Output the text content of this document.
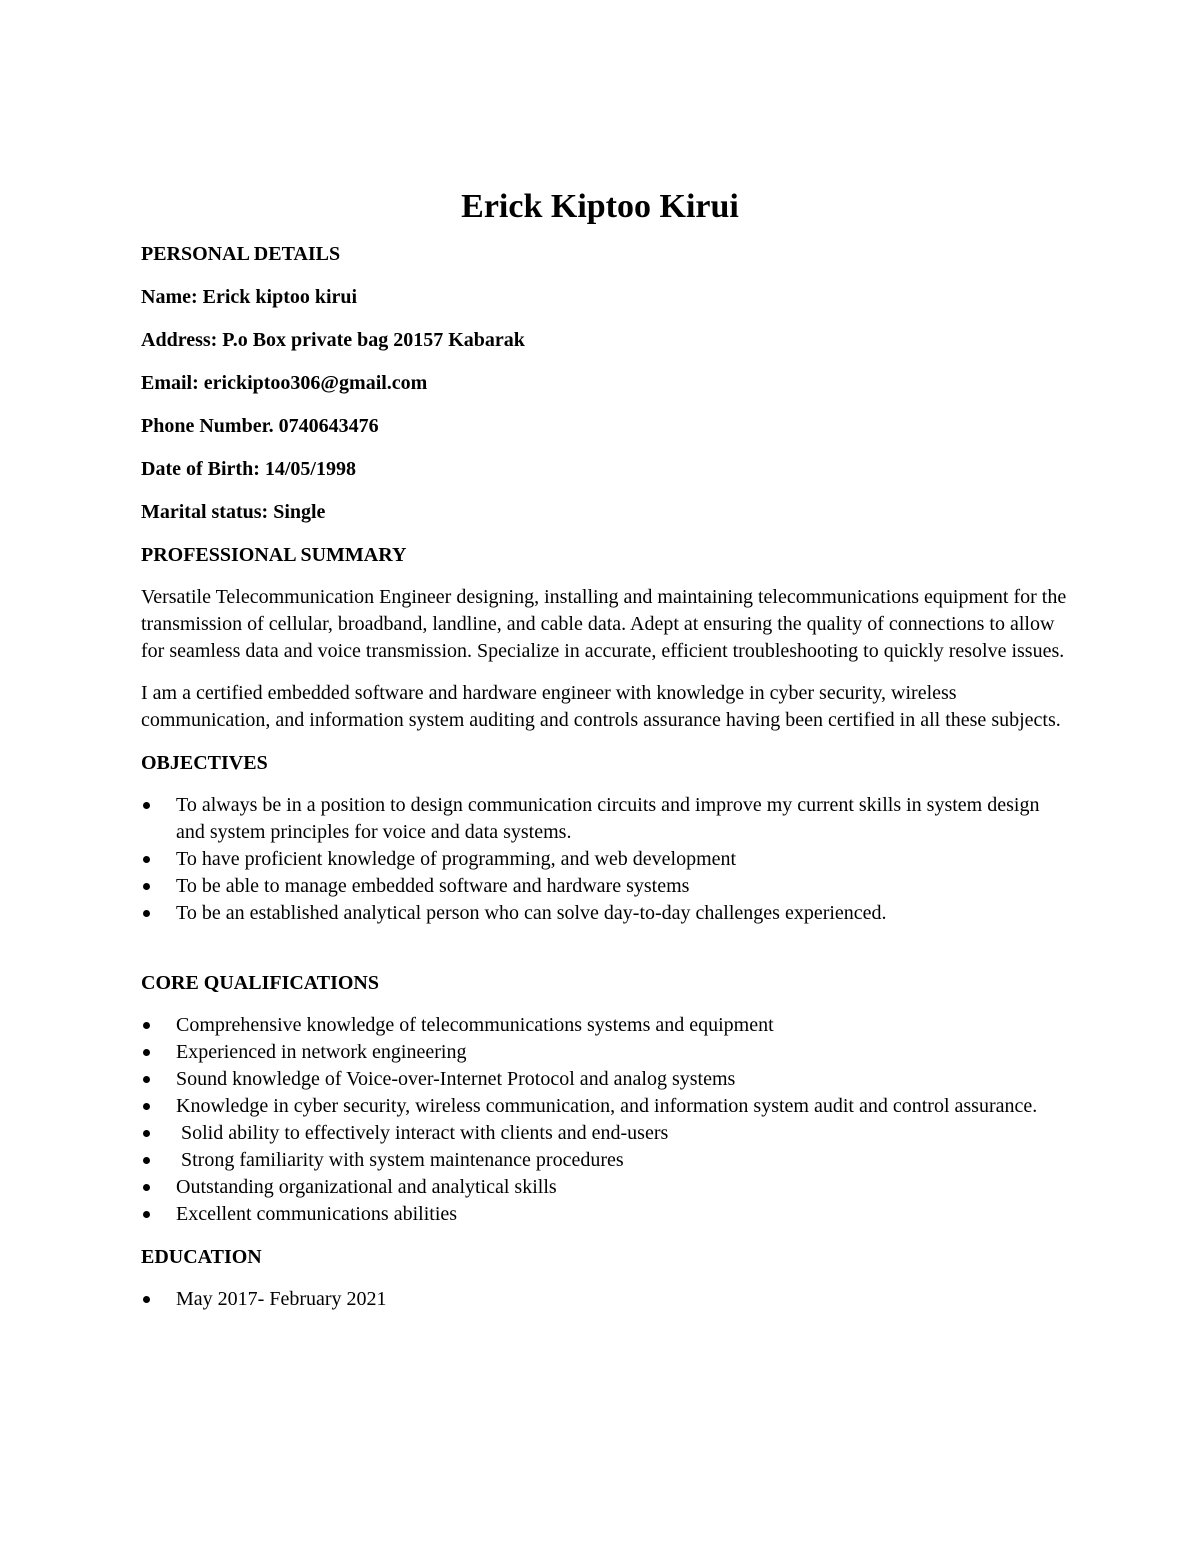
Erick Kiptoo Kirui

PERSONAL DETAILS

Name: Erick kiptoo kirui

Address: P.o Box private bag 20157 Kabarak

Email: erickiptoo306@gmail.com

Phone Number. 0740643476

Date of Birth: 14/05/1998

Marital status: Single

PROFESSIONAL SUMMARY

Versatile Telecommunication Engineer designing, installing and maintaining telecommunications equipment for the transmission of cellular, broadband, landline, and cable data. Adept at ensuring the quality of connections to allow for seamless data and voice transmission. Specialize in accurate, efficient troubleshooting to quickly resolve issues.

I am a certified embedded software and hardware engineer with knowledge in cyber security, wireless communication, and information system auditing and controls assurance having been certified in all these subjects.

OBJECTIVES

To always be in a position to design communication circuits and improve my current skills in system design and system principles for voice and data systems.
To have proficient knowledge of programming, and web development
To be able to manage embedded software and hardware systems
To be an established analytical person who can solve day-to-day challenges experienced.

CORE QUALIFICATIONS

Comprehensive knowledge of telecommunications systems and equipment
Experienced in network engineering
Sound knowledge of Voice-over-Internet Protocol and analog systems
Knowledge in cyber security, wireless communication, and information system audit and control assurance.
Solid ability to effectively interact with clients and end-users
Strong familiarity with system maintenance procedures
Outstanding organizational and analytical skills
Excellent communications abilities

EDUCATION

May 2017- February 2021
